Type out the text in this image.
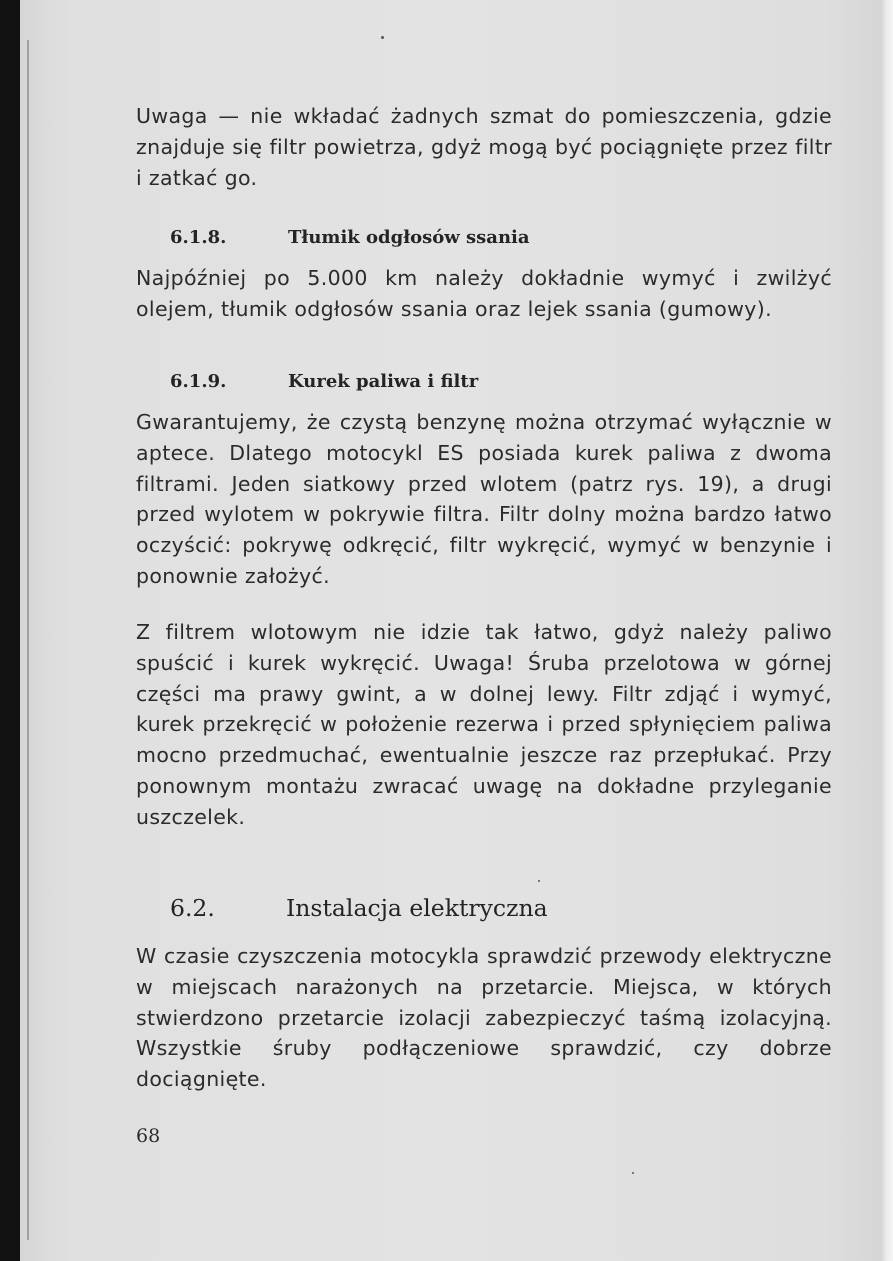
Uwaga — nie wkładać żadnych szmat do pomieszczenia, gdzie znajduje się filtr powietrza, gdyż mogą być pociągnięte przez filtr i zatkać go.

6.1.8.	Tłumik odgłosów ssania

Najpóźniej po 5.000 km należy dokładnie wymyć i zwilżyć olejem, tłumik odgłosów ssania oraz lejek ssania (gumowy).

6.1.9.	Kurek paliwa i filtr

Gwarantujemy, że czystą benzynę można otrzymać wyłącznie w aptece. Dlatego motocykl ES posiada kurek paliwa z dwoma filtrami. Jeden siatkowy przed wlotem (patrz rys. 19), a drugi przed wylotem w pokrywie filtra. Filtr dolny można bardzo łatwo oczyścić: pokrywę odkręcić, filtr wykręcić, wymyć w benzynie i ponownie założyć.

Z filtrem wlotowym nie idzie tak łatwo, gdyż należy paliwo spuścić i kurek wykręcić. Uwaga! Śruba przelotowa w górnej części ma prawy gwint, a w dolnej lewy. Filtr zdjąć i wymyć, kurek przekręcić w położenie rezerwa i przed spłynięciem paliwa mocno przedmuchać, ewentualnie jeszcze raz przepłukać. Przy ponownym montażu zwracać uwagę na dokładne przyleganie uszczelek.

6.2.	Instalacja elektryczna

W czasie czyszczenia motocykla sprawdzić przewody elektryczne w miejscach narażonych na przetarcie. Miejsca, w których stwierdzono przetarcie izolacji zabezpieczyć taśmą izolacyjną. Wszystkie śruby podłączeniowe sprawdzić, czy dobrze dociągnięte.

68
